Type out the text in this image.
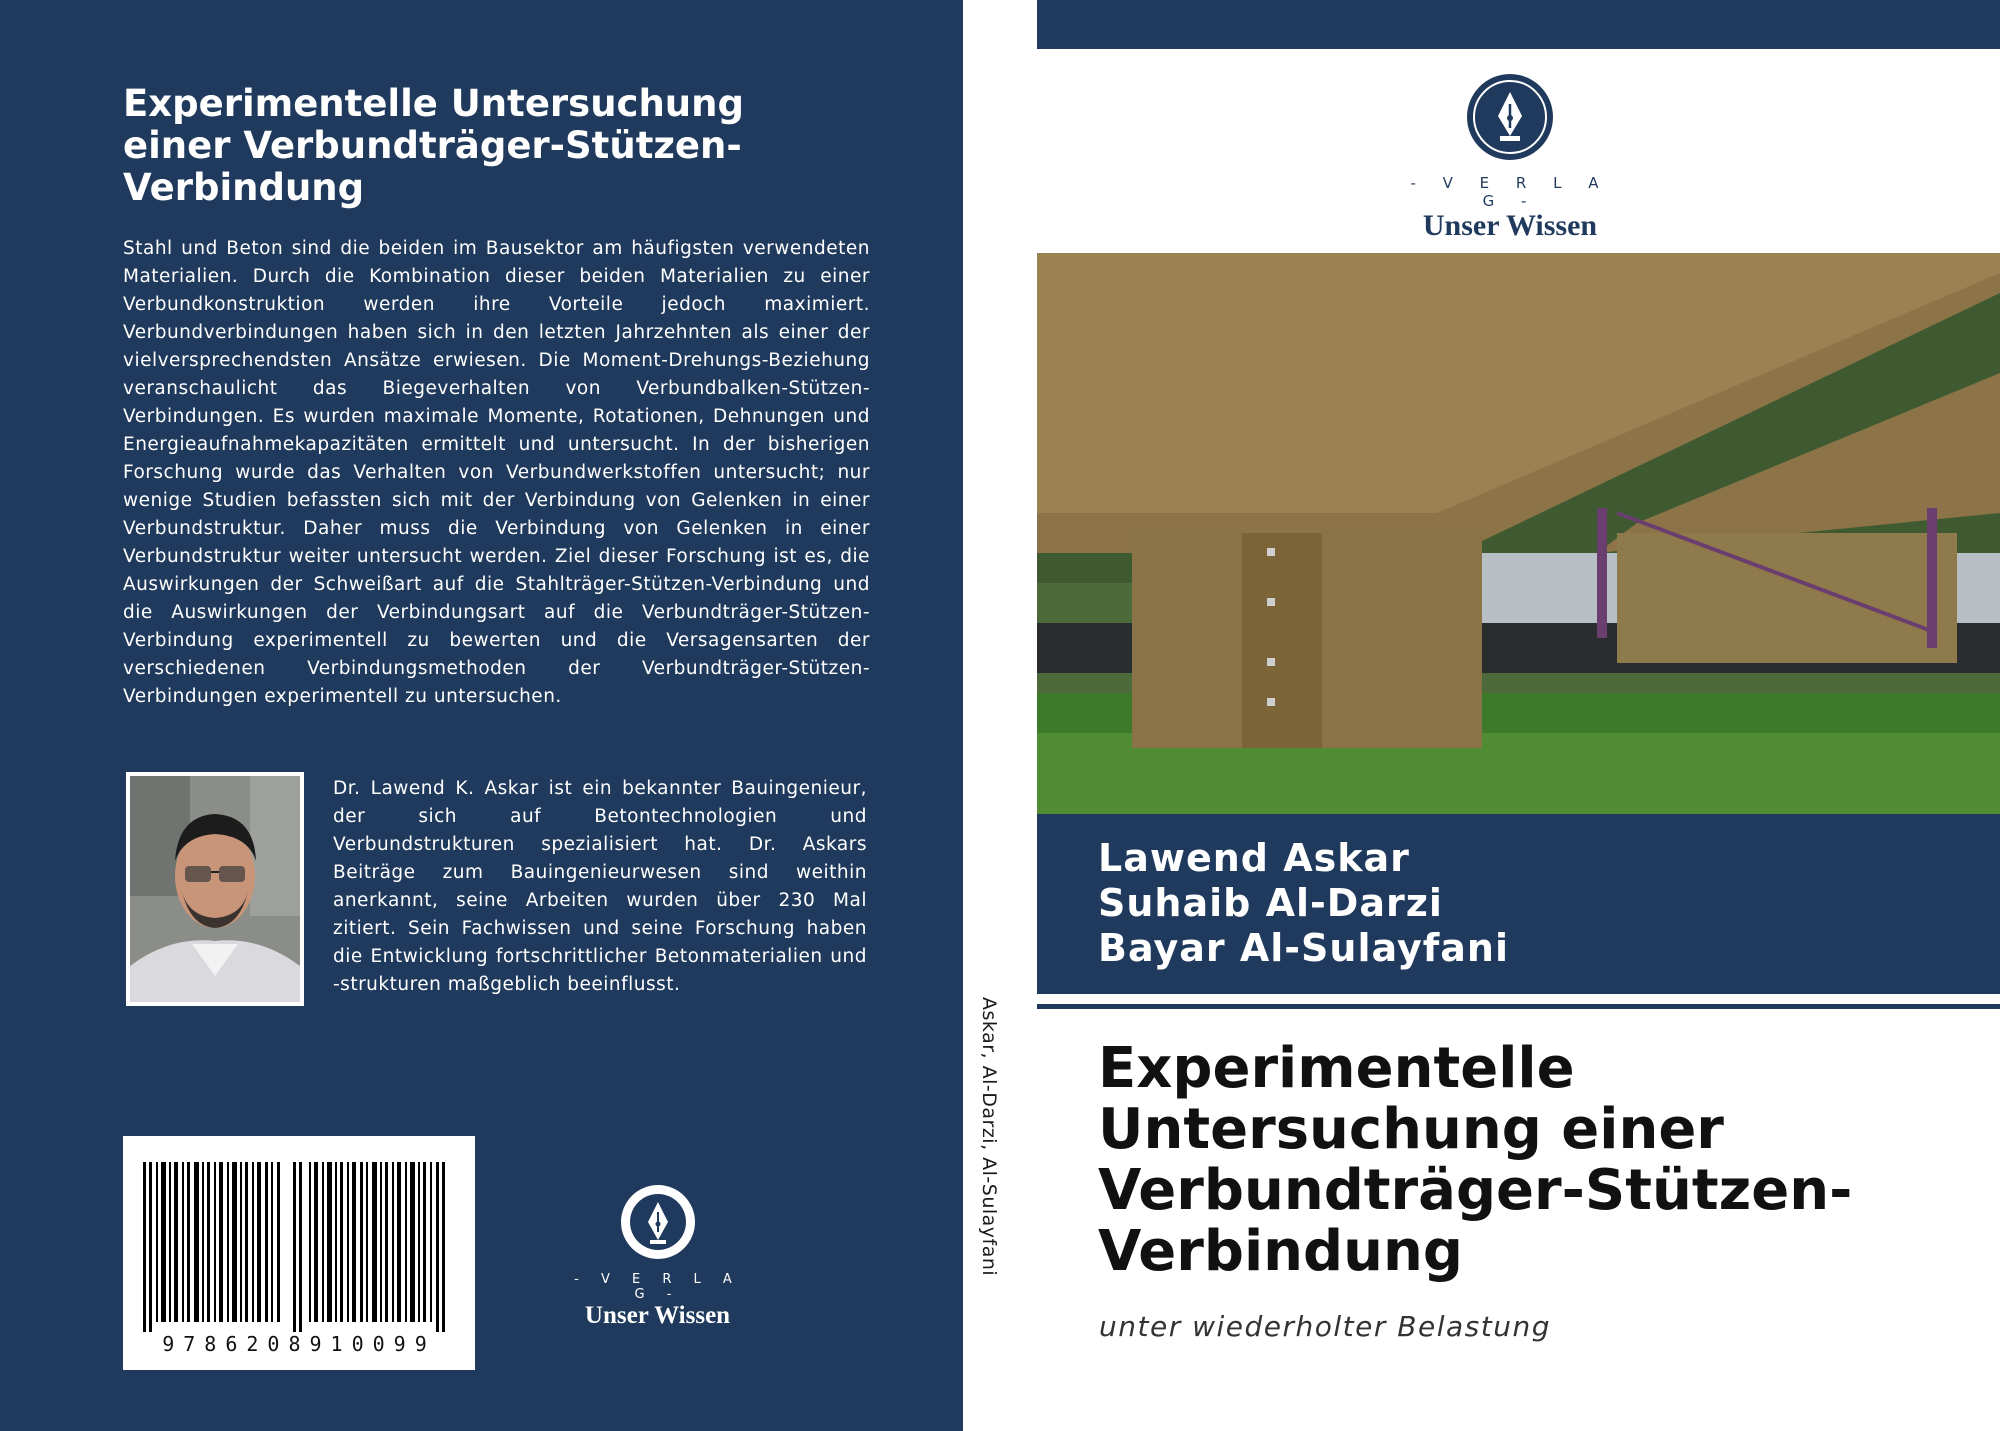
Experimentelle Untersuchung einer Verbundträger-Stützen-Verbindung

Stahl und Beton sind die beiden im Bausektor am häufigsten verwendeten Materialien. Durch die Kombination dieser beiden Materialien zu einer Verbundkonstruktion werden ihre Vorteile jedoch maximiert. Verbundverbindungen haben sich in den letzten Jahrzehnten als einer der vielversprechendsten Ansätze erwiesen. Die Moment-Drehungs-Beziehung veranschaulicht das Biegeverhalten von Verbundbalken-Stützen-Verbindungen. Es wurden maximale Momente, Rotationen, Dehnungen und Energieaufnahmekapazitäten ermittelt und untersucht. In der bisherigen Forschung wurde das Verhalten von Verbundwerkstoffen untersucht; nur wenige Studien befassten sich mit der Verbindung von Gelenken in einer Verbundstruktur. Daher muss die Verbindung von Gelenken in einer Verbundstruktur weiter untersucht werden. Ziel dieser Forschung ist es, die Auswirkungen der Schweißart auf die Stahlträger-Stützen-Verbindung und die Auswirkungen der Verbindungsart auf die Verbundträger-Stützen-Verbindung experimentell zu bewerten und die Versagensarten der verschiedenen Verbindungsmethoden der Verbundträger-Stützen-Verbindungen experimentell zu untersuchen.

Dr. Lawend K. Askar ist ein bekannter Bauingenieur, der sich auf Betontechnologien und Verbundstrukturen spezialisiert hat. Dr. Askars Beiträge zum Bauingenieurwesen sind weithin anerkannt, seine Arbeiten wurden über 230 Mal zitiert. Sein Fachwissen und seine Forschung haben die Entwicklung fortschrittlicher Betonmaterialien und -strukturen maßgeblich beeinflusst.

9786208910099
- V E R L A G -
Unser Wissen
Askar, Al-Darzi, Al-Sulayfani
- V E R L A G -
Unser Wissen
Lawend Askar
Suhaib Al-Darzi
Bayar Al-Sulayfani
Experimentelle Untersuchung einer Verbundträger-Stützen-Verbindung
unter wiederholter Belastung
